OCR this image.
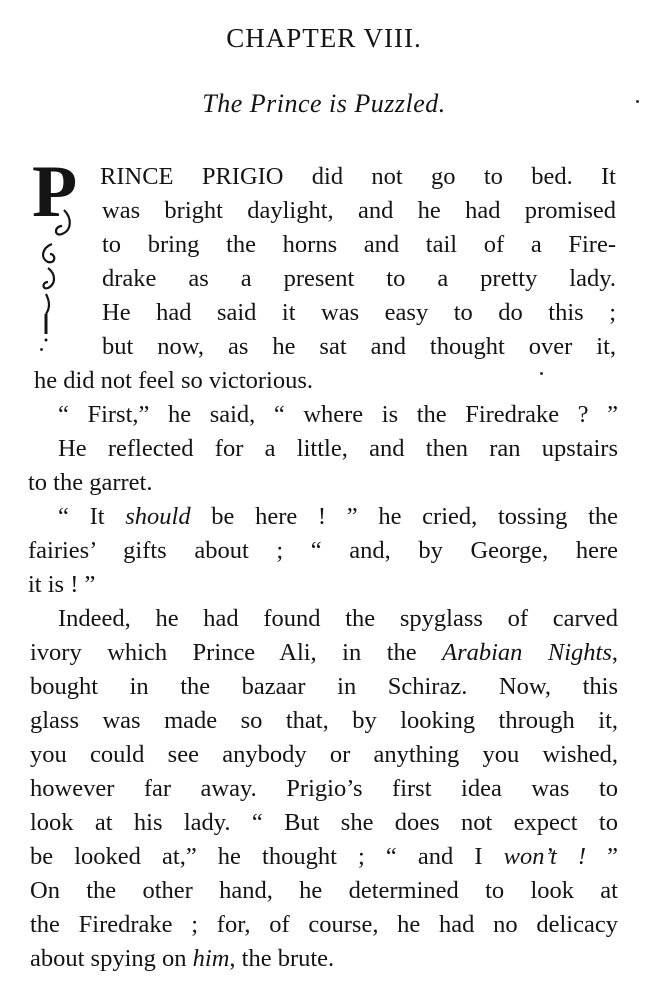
CHAPTER VIII.
The Prince is Puzzled.
P RINCE PRIGIO did not go to bed. It
was bright daylight, and he had promised
to bring the horns and tail of a Fire-
drake as a present to a pretty lady.
He had said it was easy to do this ;
but now, as he sat and thought over it,
he did not feel so victorious.
“ First,” he said, “ where is the Firedrake ? ”
He reflected for a little, and then ran upstairs
to the garret.
“ It should be here ! ” he cried, tossing the
fairies’ gifts about ; “ and, by George, here
it is ! ”
Indeed, he had found the spyglass of carved
ivory which Prince Ali, in the Arabian Nights,
bought in the bazaar in Schiraz. Now, this
glass was made so that, by looking through it,
you could see anybody or anything you wished,
however far away. Prigio’s first idea was to
look at his lady. “ But she does not expect to
be looked at,” he thought ; “ and I won’t ! ”
On the other hand, he determined to look at
the Firedrake ; for, of course, he had no delicacy
about spying on him, the brute.
